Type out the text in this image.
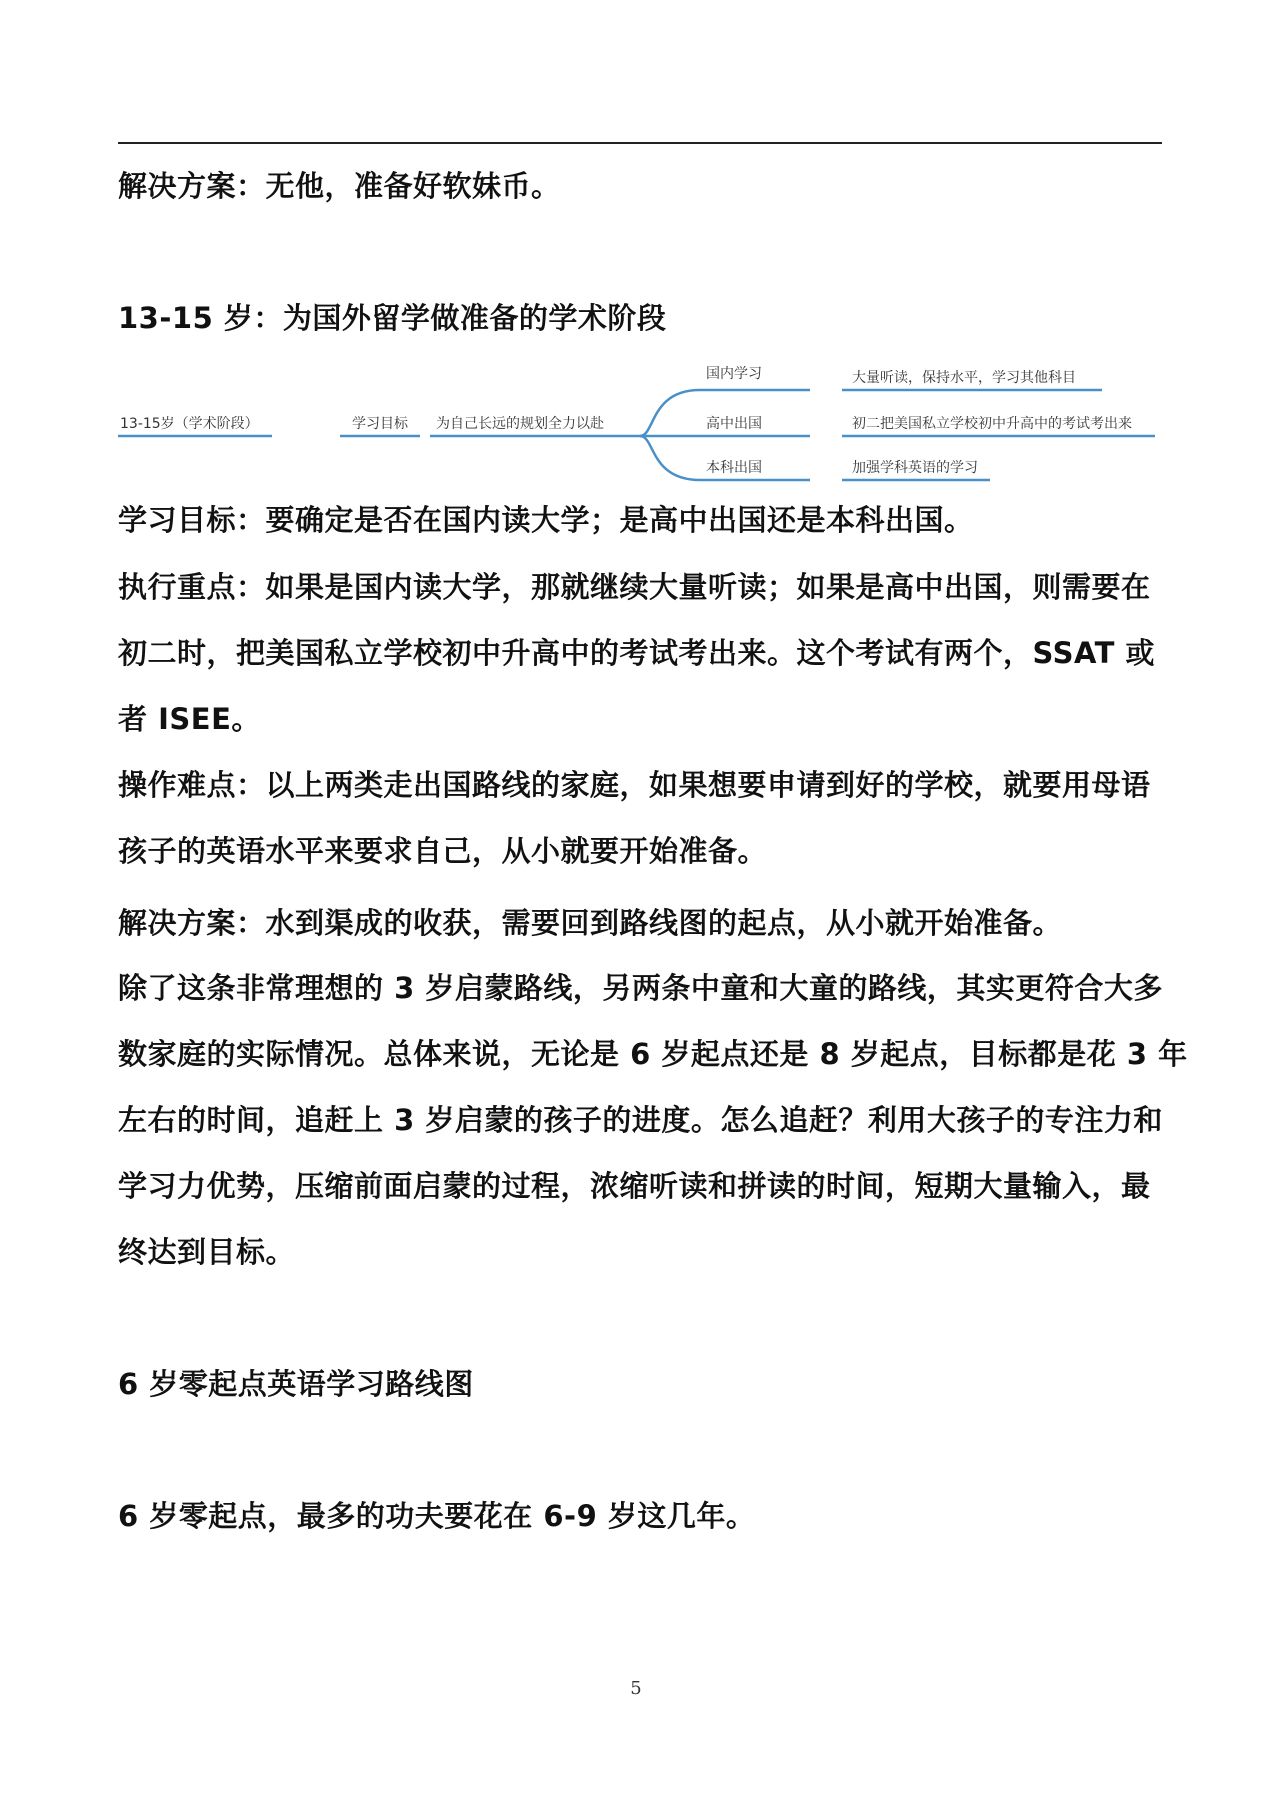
解决方案：无他，准备好软妹币。
13-15 岁：为国外留学做准备的学术阶段
13-15岁（学术阶段）	学习目标 为自己长远的规划全力以赴
国内学习
高中出国
本科出国
大量听读，保持水平，学习其他科目
初二把美国私立学校初中升高中的考试考出来
加强学科英语的学习
学习目标：要确定是否在国内读大学；是高中出国还是本科出国。
执行重点：如果是国内读大学，那就继续大量听读；如果是高中出国，则需要在
初二时，把美国私立学校初中升高中的考试考出来。这个考试有两个，SSAT 或
者 ISEE。
操作难点：以上两类走出国路线的家庭，如果想要申请到好的学校，就要用母语
孩子的英语水平来要求自己，从小就要开始准备。
解决方案：水到渠成的收获，需要回到路线图的起点，从小就开始准备。
除了这条非常理想的 3 岁启蒙路线，另两条中童和大童的路线，其实更符合大多
数家庭的实际情况。总体来说，无论是 6 岁起点还是 8 岁起点，目标都是花 3 年
左右的时间，追赶上 3 岁启蒙的孩子的进度。怎么追赶？利用大孩子的专注力和
学习力优势，压缩前面启蒙的过程，浓缩听读和拼读的时间，短期大量输入，最
终达到目标。
6 岁零起点英语学习路线图
6 岁零起点，最多的功夫要花在 6-9 岁这几年。
5
